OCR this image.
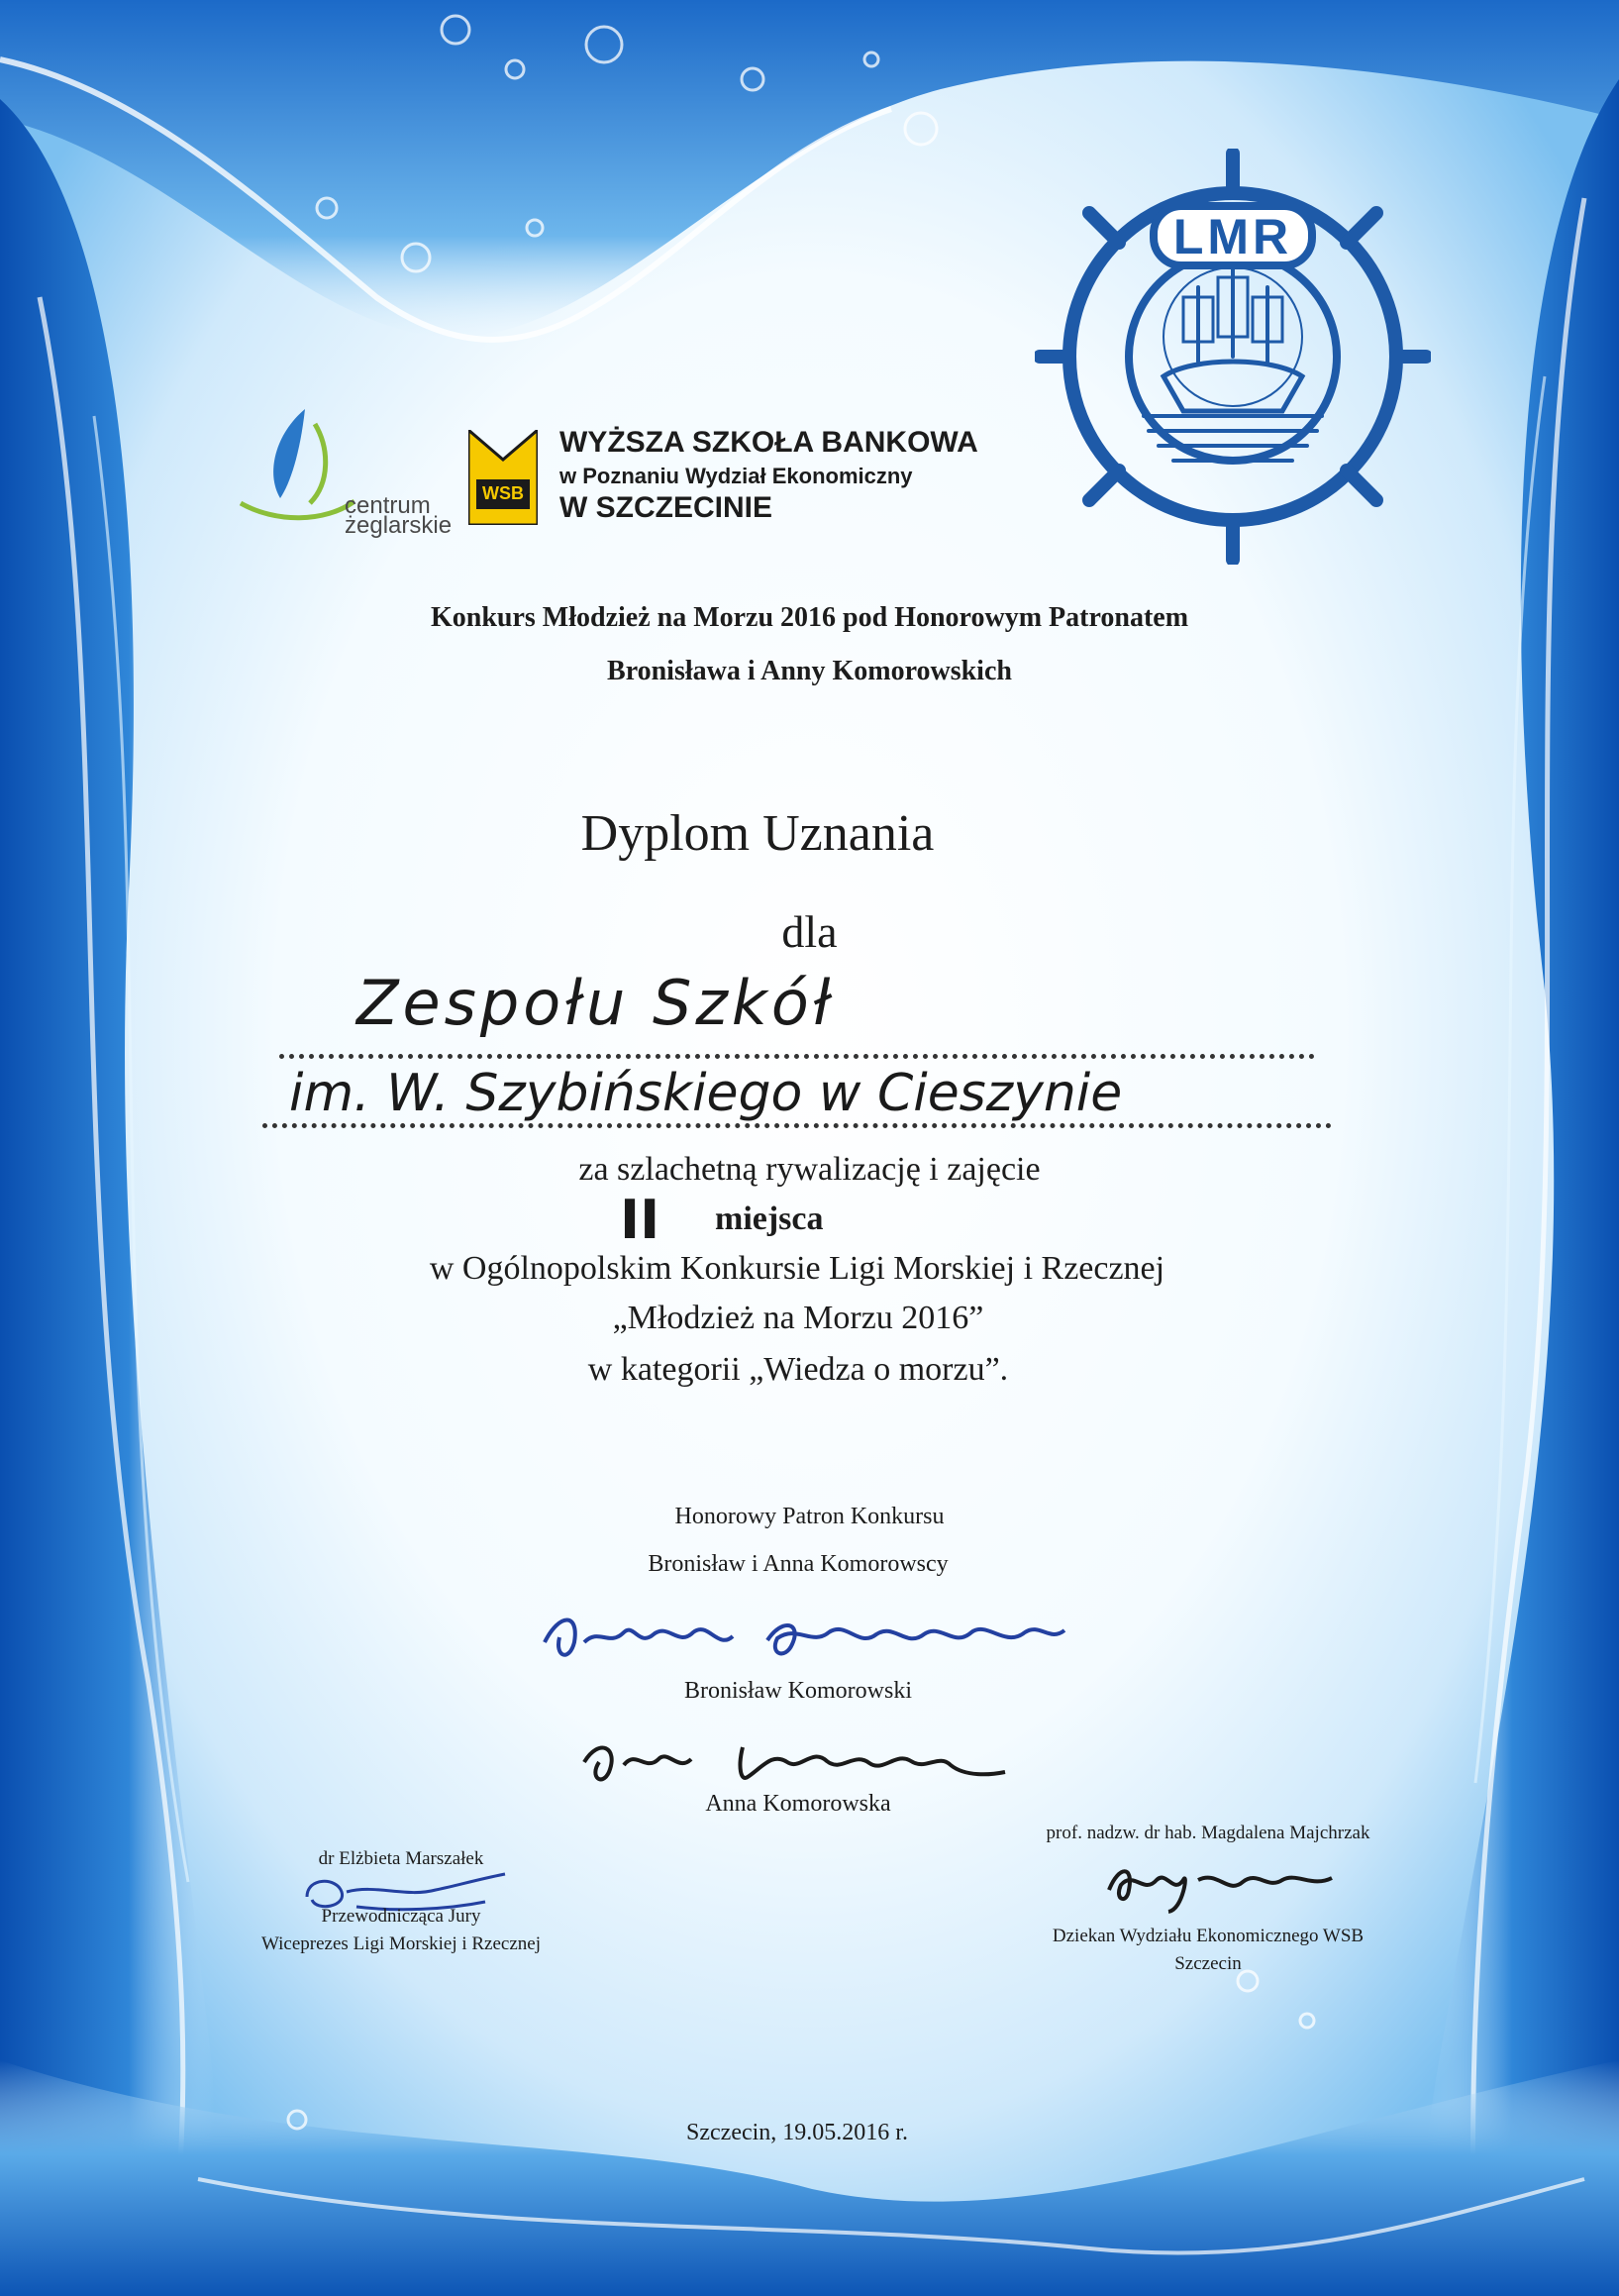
centrum
żeglarskie
WSB
WYŻSZA SZKOŁA BANKOWA
w Poznaniu Wydział Ekonomiczny
W SZCZECINIE
LMR
Konkurs Młodzież na Morzu 2016 pod Honorowym Patronatem
Bronisława i Anny Komorowskich
Dyplom Uznania
dla
Zespołu Szkół
im. W. Szybińskiego w Cieszynie
za szlachetną rywalizację i zajęcie
II miejsca
w Ogólnopolskim Konkursie Ligi Morskiej i Rzecznej
„Młodzież na Morzu 2016”
w kategorii „Wiedza o morzu”.
Honorowy Patron Konkursu
Bronisław i Anna Komorowscy
Bronisław Komorowski
Anna Komorowska
dr Elżbieta Marszałek
Przewodnicząca Jury
Wiceprezes Ligi Morskiej i Rzecznej
prof. nadzw. dr hab. Magdalena Majchrzak
Dziekan Wydziału Ekonomicznego WSB
Szczecin
Szczecin, 19.05.2016 r.
